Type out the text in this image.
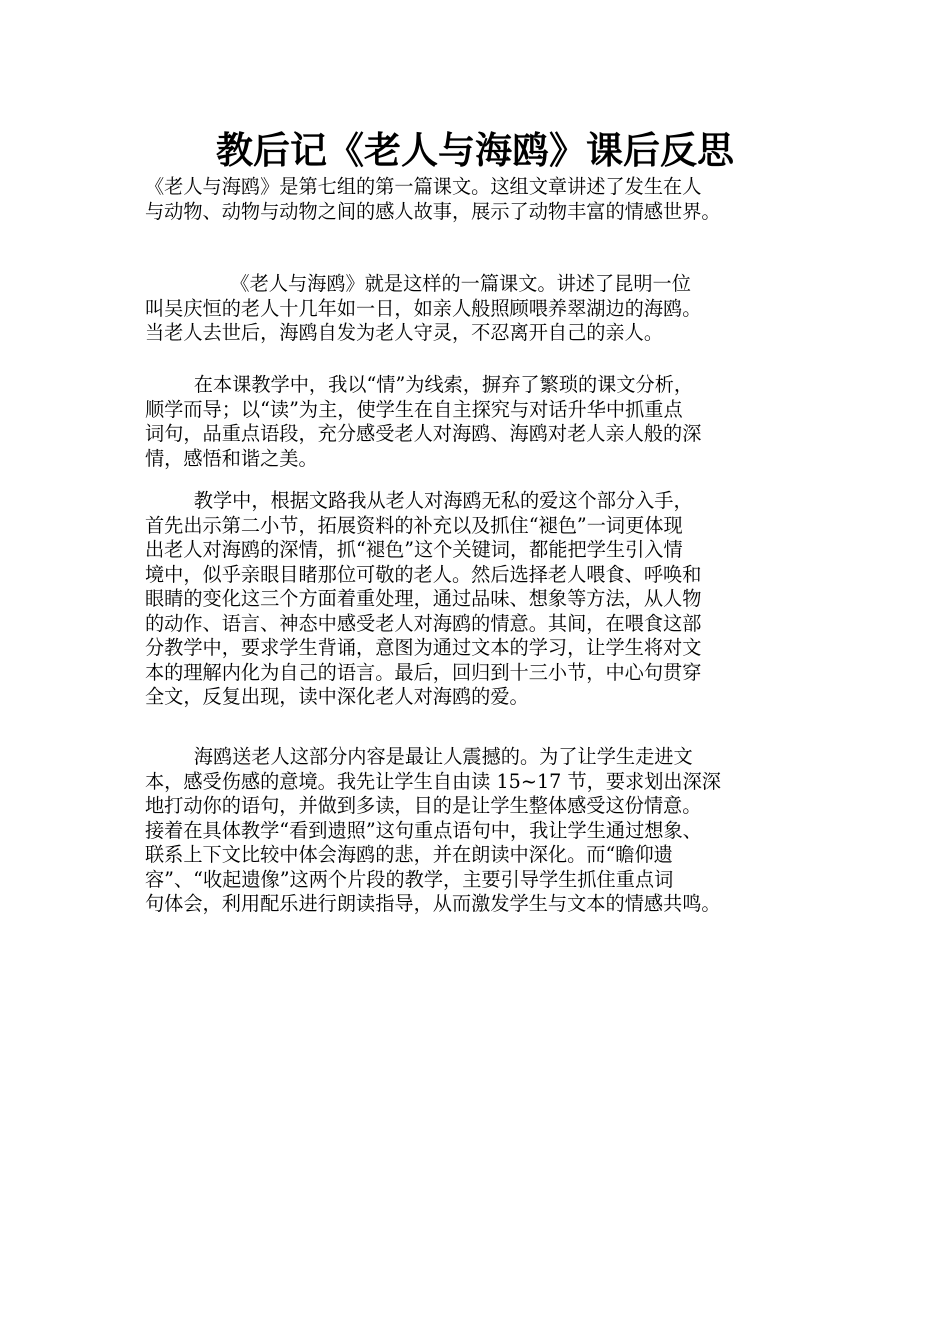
教后记《老人与海鸥》课后反思
《老人与海鸥》是第七组的第一篇课文。这组文章讲述了发生在人
与动物、动物与动物之间的感人故事，展示了动物丰富的情感世界。
《老人与海鸥》就是这样的一篇课文。讲述了昆明一位
叫吴庆恒的老人十几年如一日，如亲人般照顾喂养翠湖边的海鸥。
当老人去世后，海鸥自发为老人守灵，不忍离开自己的亲人。
在本课教学中，我以“情”为线索，摒弃了繁琐的课文分析，
顺学而导；以“读”为主，使学生在自主探究与对话升华中抓重点
词句，品重点语段，充分感受老人对海鸥、海鸥对老人亲人般的深
情，感悟和谐之美。
教学中，根据文路我从老人对海鸥无私的爱这个部分入手，
首先出示第二小节，拓展资料的补充以及抓住“褪色”一词更体现
出老人对海鸥的深情，抓“褪色”这个关键词，都能把学生引入情
境中，似乎亲眼目睹那位可敬的老人。然后选择老人喂食、呼唤和
眼睛的变化这三个方面着重处理，通过品味、想象等方法，从人物
的动作、语言、神态中感受老人对海鸥的情意。其间，在喂食这部
分教学中，要求学生背诵，意图为通过文本的学习，让学生将对文
本的理解内化为自己的语言。最后，回归到十三小节，中心句贯穿
全文，反复出现，读中深化老人对海鸥的爱。
海鸥送老人这部分内容是最让人震撼的。为了让学生走进文
本，感受伤感的意境。我先让学生自由读 15~17 节，要求划出深深
地打动你的语句，并做到多读，目的是让学生整体感受这份情意。
接着在具体教学“看到遗照”这句重点语句中，我让学生通过想象、
联系上下文比较中体会海鸥的悲，并在朗读中深化。而“瞻仰遗
容”、“收起遗像”这两个片段的教学，主要引导学生抓住重点词
句体会，利用配乐进行朗读指导，从而激发学生与文本的情感共鸣。
